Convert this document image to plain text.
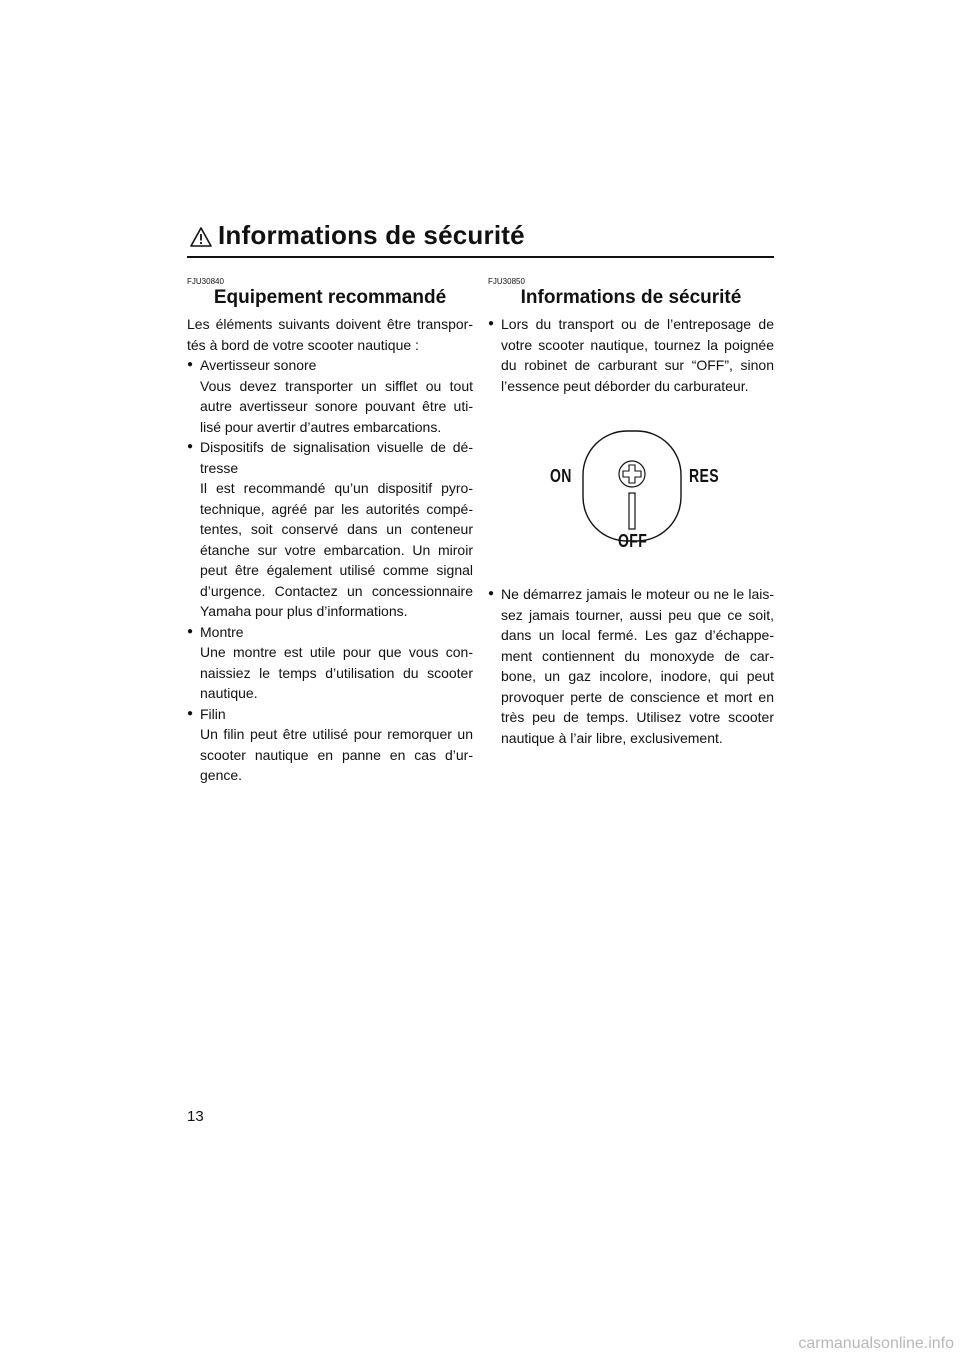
Informations de sécurité
FJU30840
Equipement recommandé

Les éléments suivants doivent être transpor-tés à bord de votre scooter nautique :

● Avertisseur sonore

Vous devez transporter un sifflet ou tout autre avertisseur sonore pouvant être uti-lisé pour avertir d’autres embarcations.

● Dispositifs de signalisation visuelle de dé-tresse

Il est recommandé qu’un dispositif pyro-technique, agréé par les autorités compé-tentes, soit conservé dans un conteneur étanche sur votre embarcation. Un miroir peut être également utilisé comme signal d’urgence. Contactez un concessionnaire Yamaha pour plus d’informations.

● Montre

Une montre est utile pour que vous con-naissiez le temps d’utilisation du scooter nautique.

● Filin

Un filin peut être utilisé pour remorquer un scooter nautique en panne en cas d’ur-gence.

FJU30850
Informations de sécurité

● Lors du transport ou de l’entreposage de votre scooter nautique, tournez la poignée du robinet de carburant sur “OFF”, sinon l’essence peut déborder du carburateur.

ON	RES
OFF

● Ne démarrez jamais le moteur ou ne le lais-sez jamais tourner, aussi peu que ce soit, dans un local fermé. Les gaz d’échappe-ment contiennent du monoxyde de car-bone, un gaz incolore, inodore, qui peut provoquer perte de conscience et mort en très peu de temps. Utilisez votre scooter nautique à l’air libre, exclusivement.

13
carmanualsonline.info
